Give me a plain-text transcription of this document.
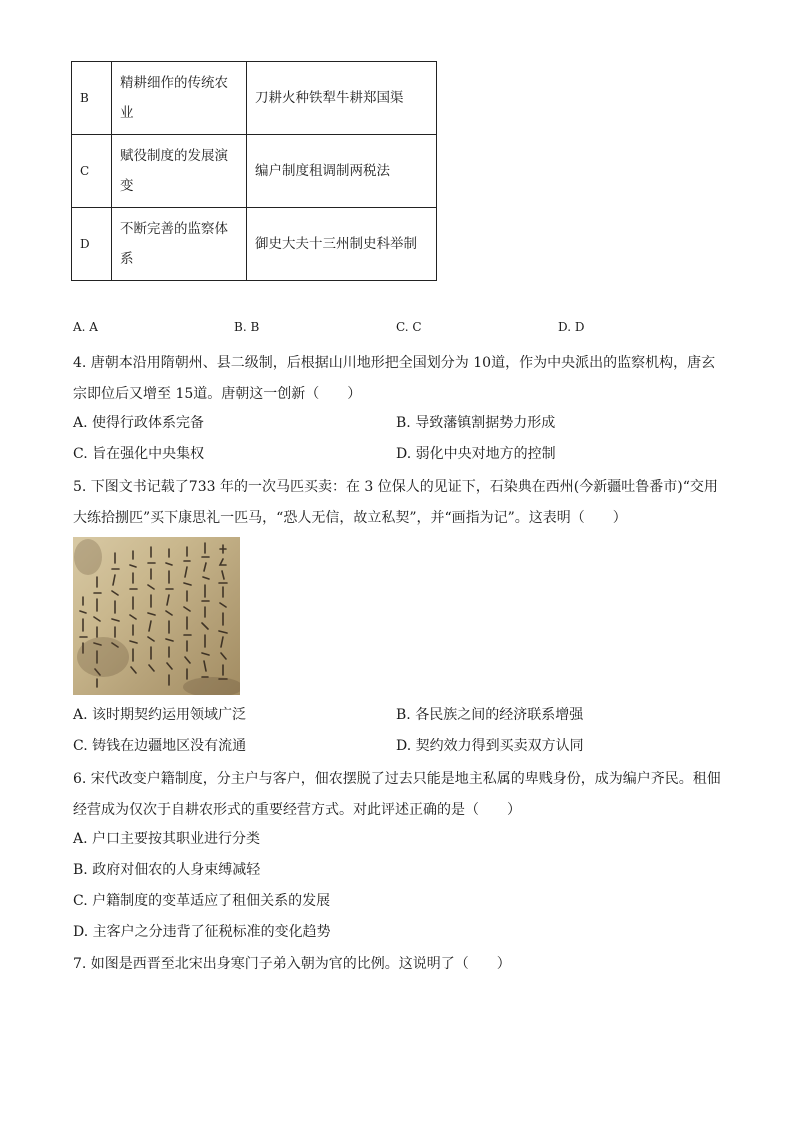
B	精耕细作的传统农业	刀耕火种铁犁牛耕郑国渠
C	赋役制度的发展演变	编户制度租调制两税法
D	不断完善的监察体系	御史大夫十三州制史科举制
A. A	B. B	C. C	D. D

4. 唐朝本沿用隋朝州、县二级制，后根据山川地形把全国划分为 10道，作为中央派出的监察机构，唐玄宗即位后又增至 15道。唐朝这一创新（　　）

A. 使得行政体系完备	B. 导致藩镇割据势力形成
C. 旨在强化中央集权	D. 弱化中央对地方的控制

5. 下图文书记载了733 年的一次马匹买卖：在 3 位保人的见证下，石染典在西州(今新疆吐鲁番市)“交用大练拾捌匹”买下康思礼一匹马，“恐人无信，故立私契”，并“画指为记”。这表明（　　）

A. 该时期契约运用领域广泛	B. 各民族之间的经济联系增强
C. 铸钱在边疆地区没有流通	D. 契约效力得到买卖双方认同

6. 宋代改变户籍制度，分主户与客户，佃农摆脱了过去只能是地主私属的卑贱身份，成为编户齐民。租佃经营成为仅次于自耕农形式的重要经营方式。对此评述正确的是（　　）

A. 户口主要按其职业进行分类
B. 政府对佃农的人身束缚减轻
C. 户籍制度的变革适应了租佃关系的发展
D. 主客户之分违背了征税标准的变化趋势

7. 如图是西晋至北宋出身寒门子弟入朝为官的比例。这说明了（　　）
